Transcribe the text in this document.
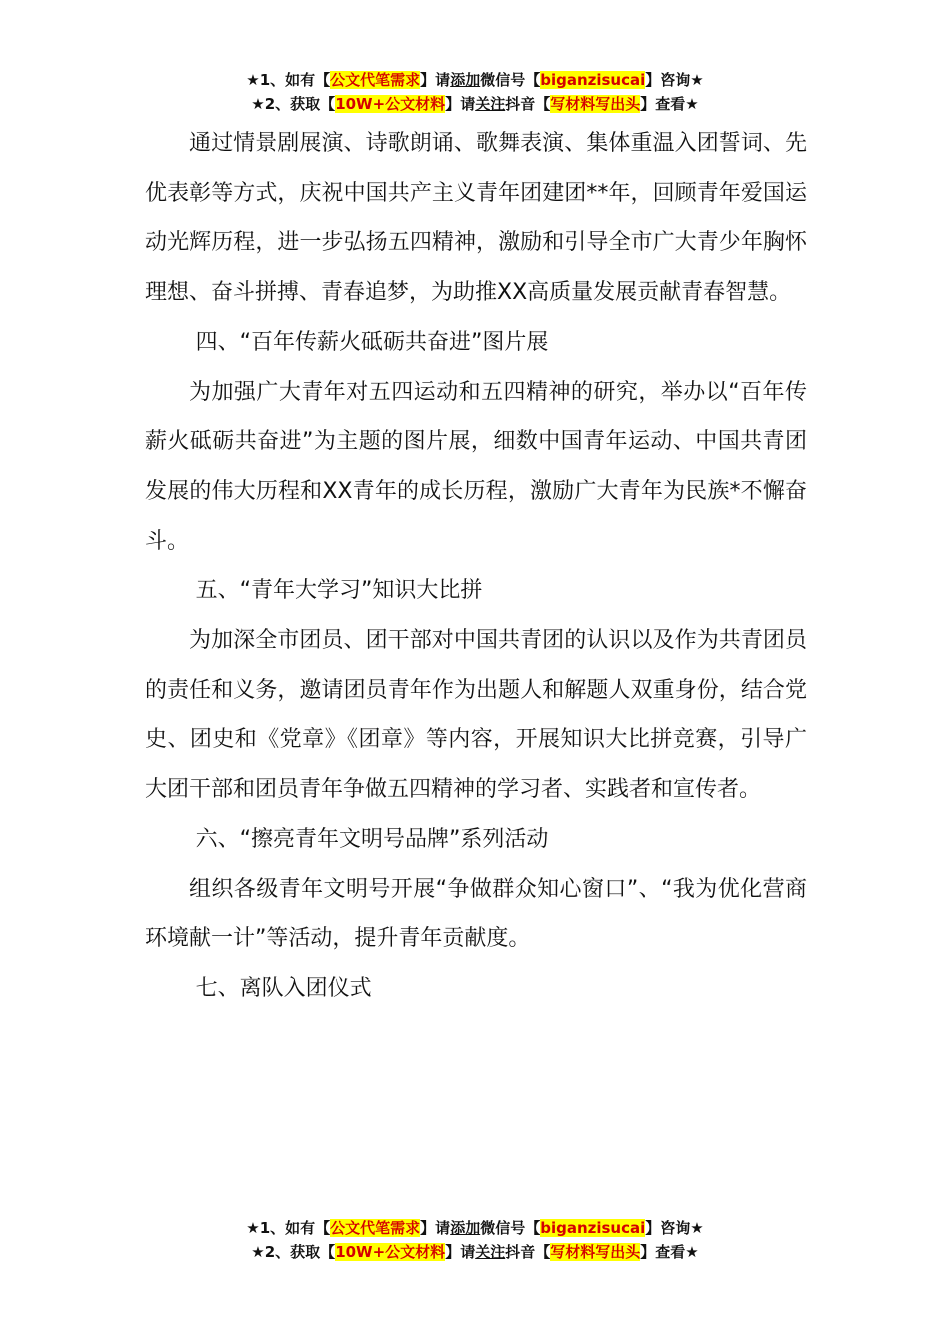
★1、如有【公文代笔需求】请添加微信号【biganzisucai】咨询★
★2、获取【10W+公文材料】请关注抖音【写材料写出头】查看★

通过情景剧展演、诗歌朗诵、歌舞表演、集体重温入团誓词、先优表彰等方式，庆祝中国共产主义青年团建团**年，回顾青年爱国运动光辉历程，进一步弘扬五四精神，激励和引导全市广大青少年胸怀理想、奋斗拼搏、青春追梦，为助推XX高质量发展贡献青春智慧。

四、“百年传薪火砥砺共奋进”图片展

为加强广大青年对五四运动和五四精神的研究，举办以“百年传薪火砥砺共奋进”为主题的图片展，细数中国青年运动、中国共青团发展的伟大历程和XX青年的成长历程，激励广大青年为民族*不懈奋斗。

五、“青年大学习”知识大比拼

为加深全市团员、团干部对中国共青团的认识以及作为共青团员的责任和义务，邀请团员青年作为出题人和解题人双重身份，结合党史、团史和《党章》《团章》等内容，开展知识大比拼竞赛，引导广大团干部和团员青年争做五四精神的学习者、实践者和宣传者。

六、“擦亮青年文明号品牌”系列活动

组织各级青年文明号开展“争做群众知心窗口”、“我为优化营商环境献一计”等活动，提升青年贡献度。

七、离队入团仪式

★1、如有【公文代笔需求】请添加微信号【biganzisucai】咨询★
★2、获取【10W+公文材料】请关注抖音【写材料写出头】查看★
